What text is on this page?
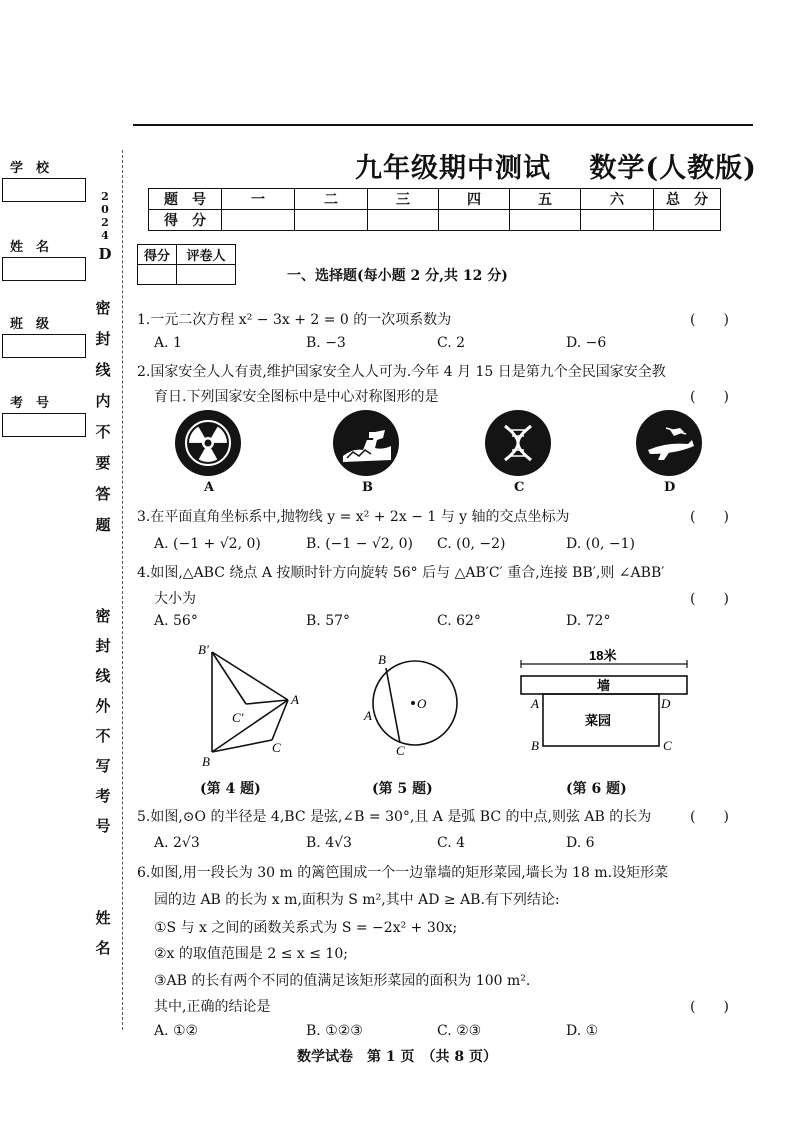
学　校
姓　名
班　级
考　号
2
0
2
4
D
密
封
线
内
不
要
答
题
密
封
线
外
不
写
考
号
姓
名
九年级期中测试　 数学(人教版)
题　号	一	二	三	四	五	六	总　分
得　分							
得分	评卷人

一、选择题(每小题 2 分,共 12 分)
1.一元二次方程 x² − 3x + 2 = 0 的一次项系数为	(　　)
A. 1	B. −3	C. 2	D. −6
2.国家安全人人有责,维护国家安全人人可为.今年 4 月 15 日是第九个全民国家安全教
育日.下列国家安全图标中是中心对称图形的是	(　　)
A	B	C	D
3.在平面直角坐标系中,抛物线 y = x² + 2x − 1 与 y 轴的交点坐标为	(　　)
A. (−1 + √2, 0)	B. (−1 − √2, 0) C. (0, −2)	D. (0, −1)
4.如图,△ABC 绕点 A 按顺时针方向旋转 56° 后与 △AB′C′ 重合,连接 BB′,则 ∠ABB′
大小为	(　　)
A. 56°	B. 57°	C. 62°	D. 72°
B′
C′
A
B
C
B
O
A
C
18米
墙
菜园
A	D
B	C
(第 4 题)	(第 5 题)	(第 6 题)
5.如图,⊙O 的半径是 4,BC 是弦,∠B = 30°,且 A 是弧 BC 的中点,则弦 AB 的长为	(　　)
A. 2√3	B. 4√3	C. 4	D. 6
6.如图,用一段长为 30 m 的篱笆围成一个一边靠墙的矩形菜园,墙长为 18 m.设矩形菜
园的边 AB 的长为 x m,面积为 S m²,其中 AD ≥ AB.有下列结论:
①S 与 x 之间的函数关系式为 S = −2x² + 30x;
②x 的取值范围是 2 ≤ x ≤ 10;
③AB 的长有两个不同的值满足该矩形菜园的面积为 100 m².
其中,正确的结论是	(　　)
A. ①②	B. ①②③	C. ②③	D. ①
数学试卷　第 1 页　（共 8 页）
